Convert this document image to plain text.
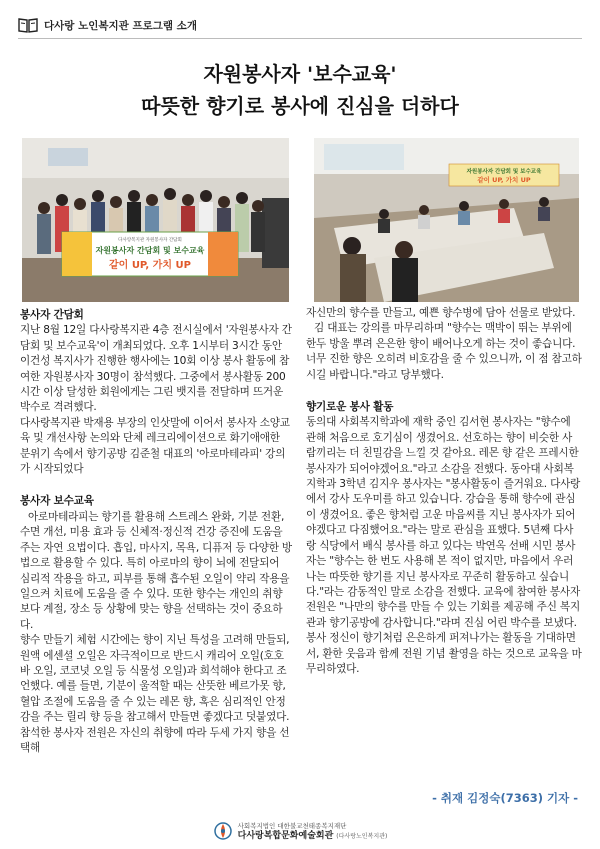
다사랑 노인복지관 프로그램 소개
자원봉사자 '보수교육'
따뜻한 향기로 봉사에 진심을 더하다
다사랑복지관 자원봉사자 간담회
자원봉사자 간담회 및 보수교육
같이 UP, 가치 UP
자원봉사자 간담회 및 보수교육
같이 UP, 가치 UP

봉사자 간담회

지난 8월 12일 다사랑복지관 4층 전시실에서 '자원봉사자 간담회 및 보수교육'이 개최되었다. 오후 1시부터 3시간 동안 이건성 복지사가 진행한 행사에는 10회 이상 봉사 활동에 참여한 자원봉사자 30명이 참석했다. 그중에서 봉사활동 200시간 이상 달성한 회원에게는 그린 뱃지를 전달하며 뜨거운 박수로 격려했다.

다사랑복지관 박재용 부장의 인삿말에 이어서 봉사자 소양교육 및 개선사항 논의와 단체 레크리에이션으로 화기애애한 분위기 속에서 향기공방 김준철 대표의 '아로마테라피' 강의가 시작되었다

봉사자 보수교육

아로마테라피는 향기를 활용해 스트레스 완화, 기분 전환, 수면 개선, 미용 효과 등 신체적·정신적 건강 증진에 도움을 주는 자연 요법이다. 흡입, 마사지, 목욕, 디퓨저 등 다양한 방법으로 활용할 수 있다. 특히 아로마의 향이 뇌에 전달되어 심리적 작용을 하고, 피부를 통해 흡수된 오일이 약리 작용을 일으켜 치료에 도움을 줄 수 있다. 또한 향수는 개인의 취향보다 계절, 장소 등 상황에 맞는 향을 선택하는 것이 중요하다.

향수 만들기 체험 시간에는 향이 지닌 특성을 고려해 만들되, 원액 에센셜 오일은 자극적이므로 반드시 캐리어 오일(호호바 오일, 코코넛 오일 등 식물성 오일)과 희석해야 한다고 조언했다. 예를 들면, 기분이 울적할 때는 산뜻한 베르가못 향, 혈압 조절에 도움을 줄 수 있는 레몬 향, 혹은 심리적인 안정감을 주는 릴리 향 등을 참고해서 만들면 좋겠다고 덧붙였다. 참석한 봉사자 전원은 자신의 취향에 따라 두세 가지 향을 선택해

자신만의 향수를 만들고, 예쁜 향수병에 담아 선물로 받았다.

김 대표는 강의를 마무리하며 "향수는 맥박이 뛰는 부위에 한두 방울 뿌려 은은한 향이 배어나오게 하는 것이 좋습니다. 너무 진한 향은 오히려 비호감을 줄 수 있으니까, 이 점 참고하시길 바랍니다."라고 당부했다.

향기로운 봉사 활동

동의대 사회복지학과에 재학 중인 김서현 봉사자는 "향수에 관해 처음으로 호기심이 생겼어요. 선호하는 향이 비슷한 사람끼리는 더 친밀감을 느낄 것 같아요. 레몬 향 같은 프레시한 봉사자가 되어야겠어요."라고 소감을 전했다. 동아대 사회복지학과 3학년 김지우 봉사자는 "봉사활동이 즐거워요. 다사랑에서 강사 도우미를 하고 있습니다. 강습을 통해 향수에 관심이 생겼어요. 좋은 향처럼 고운 마음씨를 지닌 봉사자가 되어야겠다고 다짐했어요."라는 말로 관심을 표했다. 5년째 다사랑 식당에서 배식 봉사를 하고 있다는 박연옥 선배 시민 봉사자는 "향수는 한 번도 사용해 본 적이 없지만, 마음에서 우러나는 따뜻한 향기를 지닌 봉사자로 꾸준히 활동하고 싶습니다."라는 감동적인 말로 소감을 전했다. 교육에 참여한 봉사자 전원은 "나만의 향수를 만들 수 있는 기회를 제공해 주신 복지관과 향기공방에 감사합니다."라며 진심 어린 박수를 보냈다. 봉사 정신이 향기처럼 은은하게 퍼져나가는 활동을 기대하면서, 환한 웃음과 함께 전원 기념 촬영을 하는 것으로 교육을 마무리하였다.

- 취재 김정숙(7363) 기자 -
사회복지법인 대한불교천태종복지재단
다사랑복합문화예술회관 (다사랑노인복지관)
